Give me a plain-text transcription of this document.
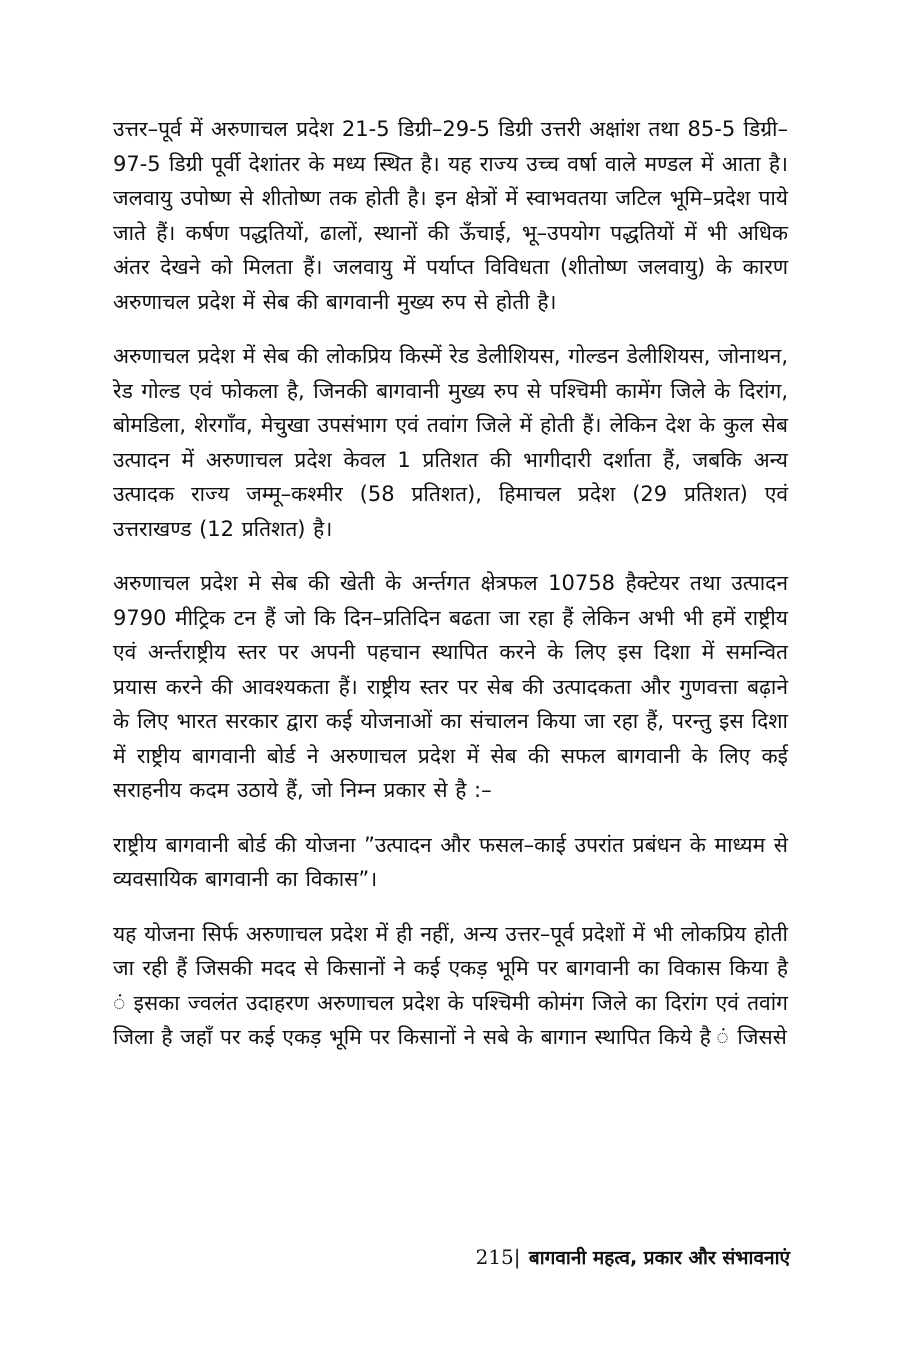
उत्तर–पूर्व में अरुणाचल प्रदेश 21-5 डिग्री–29-5 डिग्री उत्तरी अक्षांश तथा 85-5 डिग्री–97-5 डिग्री पूर्वी देशांतर के मध्य स्थित है। यह राज्य उच्च वर्षा वाले मण्डल में आता है। जलवायु उपोष्ण से शीतोष्ण तक होती है। इन क्षेत्रों में स्वाभवतया जटिल भूमि–प्रदेश पाये जाते हैं। कर्षण पद्धतियों, ढालों, स्थानों की ऊँचाई, भू–उपयोग पद्धतियों में भी अधिक अंतर देखने को मिलता हैं। जलवायु में पर्याप्त विविधता (शीतोष्ण जलवायु) के कारण अरुणाचल प्रदेश में सेब की बागवानी मुख्य रुप से होती है।

अरुणाचल प्रदेश में सेब की लोकप्रिय किस्में रेड डेलीशियस, गोल्डन डेलीशियस, जोनाथन, रेड गोल्ड एवं फोकला है, जिनकी बागवानी मुख्य रुप से पश्चिमी कामेंग जिले के दिरांग, बोमडिला, शेरगाँव, मेचुखा उपसंभाग एवं तवांग जिले में होती हैं। लेकिन देश के कुल सेब उत्पादन में अरुणाचल प्रदेश केवल 1 प्रतिशत की भागीदारी दर्शाता हैं, जबकि अन्य उत्पादक राज्य जम्मू–कश्मीर (58 प्रतिशत), हिमाचल प्रदेश (29 प्रतिशत) एवं उत्तराखण्ड (12 प्रतिशत) है।

अरुणाचल प्रदेश मे सेब की खेती के अर्न्तगत क्षेत्रफल 10758 हैक्टेयर तथा उत्पादन 9790 मीट्रिक टन हैं जो कि दिन–प्रतिदिन बढता जा रहा हैं लेकिन अभी भी हमें राष्ट्रीय एवं अर्न्तराष्ट्रीय स्तर पर अपनी पहचान स्थापित करने के लिए इस दिशा में समन्वित प्रयास करने की आवश्यकता हैं। राष्ट्रीय स्तर पर सेब की उत्पादकता और गुणवत्ता बढ़ाने के लिए भारत सरकार द्वारा कई योजनाओं का संचालन किया जा रहा हैं, परन्तु इस दिशा में राष्ट्रीय बागवानी बोर्ड ने अरुणाचल प्रदेश में सेब की सफल बागवानी के लिए कई सराहनीय कदम उठाये हैं, जो निम्न प्रकार से है :–

राष्ट्रीय बागवानी बोर्ड की योजना ”उत्पादन और फसल–काई उपरांत प्रबंधन के माध्यम से व्यवसायिक बागवानी का विकास”।

यह योजना सिर्फ अरुणाचल प्रदेश में ही नहीं, अन्य उत्तर–पूर्व प्रदेशों में भी लोकप्रिय होती जा रही हैं जिसकी मदद से किसानों ने कई एकड़ भूमि पर बागवानी का विकास किया है ं इसका ज्वलंत उदाहरण अरुणाचल प्रदेश के पश्चिमी कोमंग जिले का दिरांग एवं तवांग जिला है जहाँ पर कई एकड़ भूमि पर किसानों ने सबे के बागान स्थापित किये है ं जिससे

215| बागवानी महत्व, प्रकार और संभावनाएं
